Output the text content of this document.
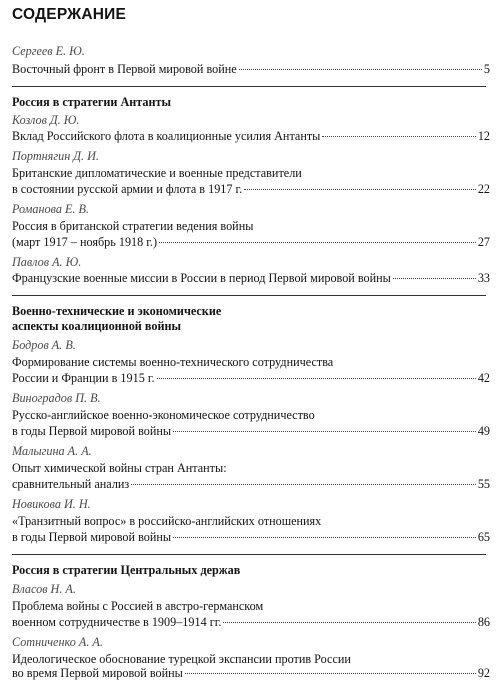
СОДЕРЖАНИЕ
Сергеев Е. Ю.
Восточный фронт в Первой мировой войне	5
Россия в стратегии Антанты
Козлов Д. Ю.
Вклад Российского флота в коалиционные усилия Антанты	12
Портнягин Д. И.
Британские дипломатические и военные представители
в состоянии русской армии и флота в 1917 г.	22
Романова Е. В.
Россия в британской стратегии ведения войны
(март 1917 – ноябрь 1918 г.)	27
Павлов А. Ю.
Французские военные миссии в России в период Первой мировой войны	33
Военно-технические и экономические
аспекты коалиционной войны
Бодров А. В.
Формирование системы военно-технического сотрудничества
России и Франции в 1915 г.	42
Виноградов П. В.
Русско-английское военно-экономическое сотрудничество
в годы Первой мировой войны	49
Малыгина А. А.
Опыт химической войны стран Антанты:
сравнительный анализ	55
Новикова И. Н.
«Транзитный вопрос» в российско-английских отношениях
в годы Первой мировой войны	65
Россия в стратегии Центральных держав
Власов Н. А.
Проблема войны с Россией в австро-германском
военном сотрудничестве в 1909–1914 гг.	86
Сотниченко А. А.
Идеологическое обоснование турецкой экспансии против России
во время Первой мировой войны	92
